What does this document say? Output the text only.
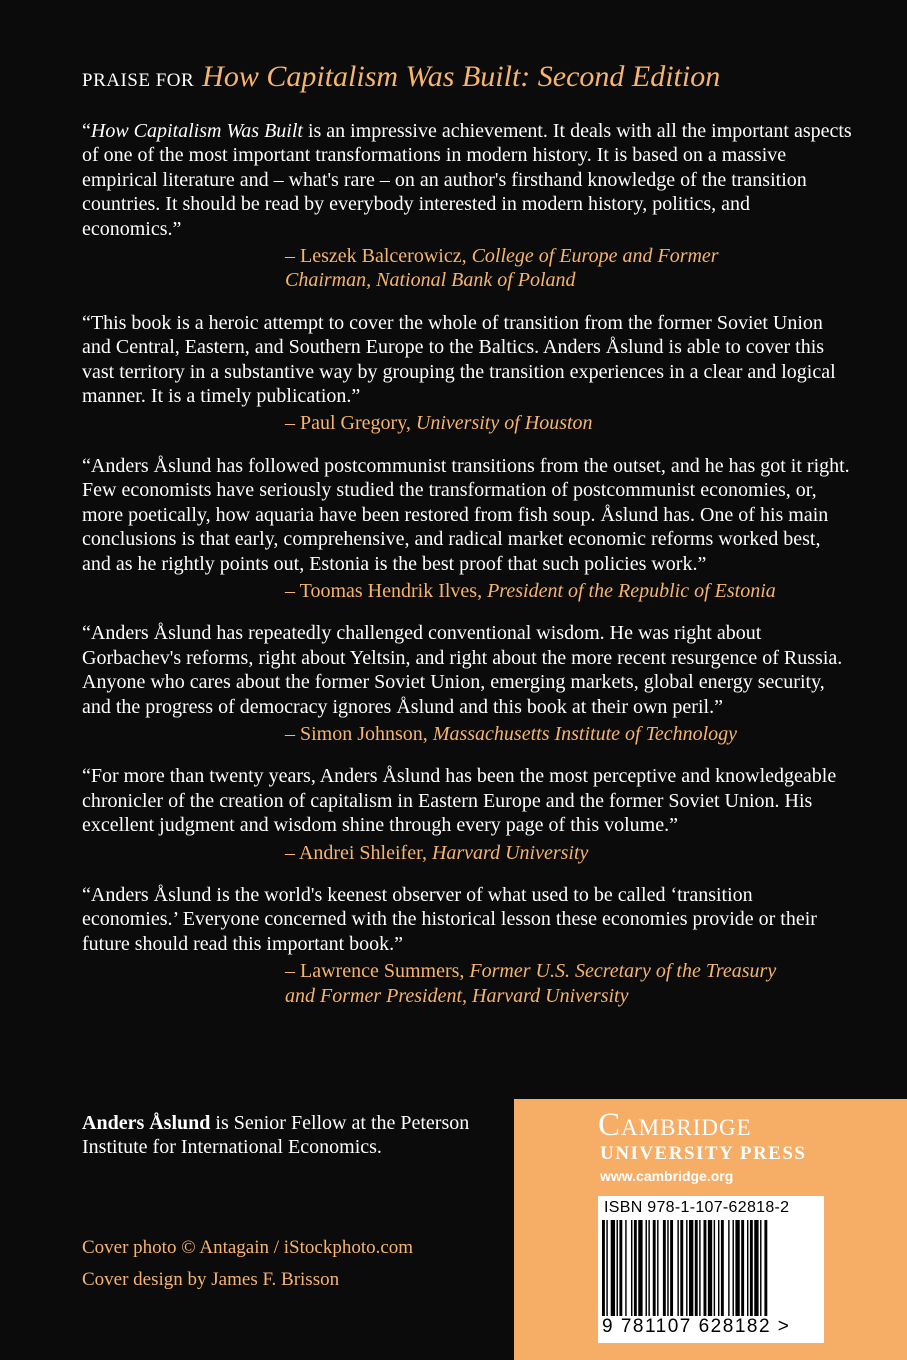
PRAISE FOR How Capitalism Was Built: Second Edition

“How Capitalism Was Built is an impressive achievement. It deals with all the important aspects of one of the most important transformations in modern history. It is based on a massive empirical literature and – what's rare – on an author's firsthand knowledge of the transition countries. It should be read by everybody interested in modern history, politics, and economics.”

– Leszek Balcerowicz, College of Europe and Former
Chairman, National Bank of Poland

“This book is a heroic attempt to cover the whole of transition from the former Soviet Union and Central, Eastern, and Southern Europe to the Baltics. Anders Åslund is able to cover this vast territory in a substantive way by grouping the transition experiences in a clear and logical manner. It is a timely publication.”

– Paul Gregory, University of Houston

“Anders Åslund has followed postcommunist transitions from the outset, and he has got it right. Few economists have seriously studied the transformation of postcommunist economies, or, more poetically, how aquaria have been restored from fish soup. Åslund has. One of his main conclusions is that early, comprehensive, and radical market economic reforms worked best, and as he rightly points out, Estonia is the best proof that such policies work.”

– Toomas Hendrik Ilves, President of the Republic of Estonia

“Anders Åslund has repeatedly challenged conventional wisdom. He was right about Gorbachev's reforms, right about Yeltsin, and right about the more recent resurgence of Russia. Anyone who cares about the former Soviet Union, emerging markets, global energy security, and the progress of democracy ignores Åslund and this book at their own peril.”

– Simon Johnson, Massachusetts Institute of Technology

“For more than twenty years, Anders Åslund has been the most perceptive and knowledgeable chronicler of the creation of capitalism in Eastern Europe and the former Soviet Union. His excellent judgment and wisdom shine through every page of this volume.”

– Andrei Shleifer, Harvard University

“Anders Åslund is the world's keenest observer of what used to be called ‘transition economies.’ Everyone concerned with the historical lesson these economies provide or their future should read this important book.”

– Lawrence Summers, Former U.S. Secretary of the Treasury
and Former President, Harvard University
Anders Åslund is Senior Fellow at the Peterson Institute for International Economics.
Cover photo © Antagain / iStockphoto.com
Cover design by James F. Brisson
Cambridge
UNIVERSITY PRESS
www.cambridge.org
ISBN 978-1-107-62818-2
9 781107 628182 >
